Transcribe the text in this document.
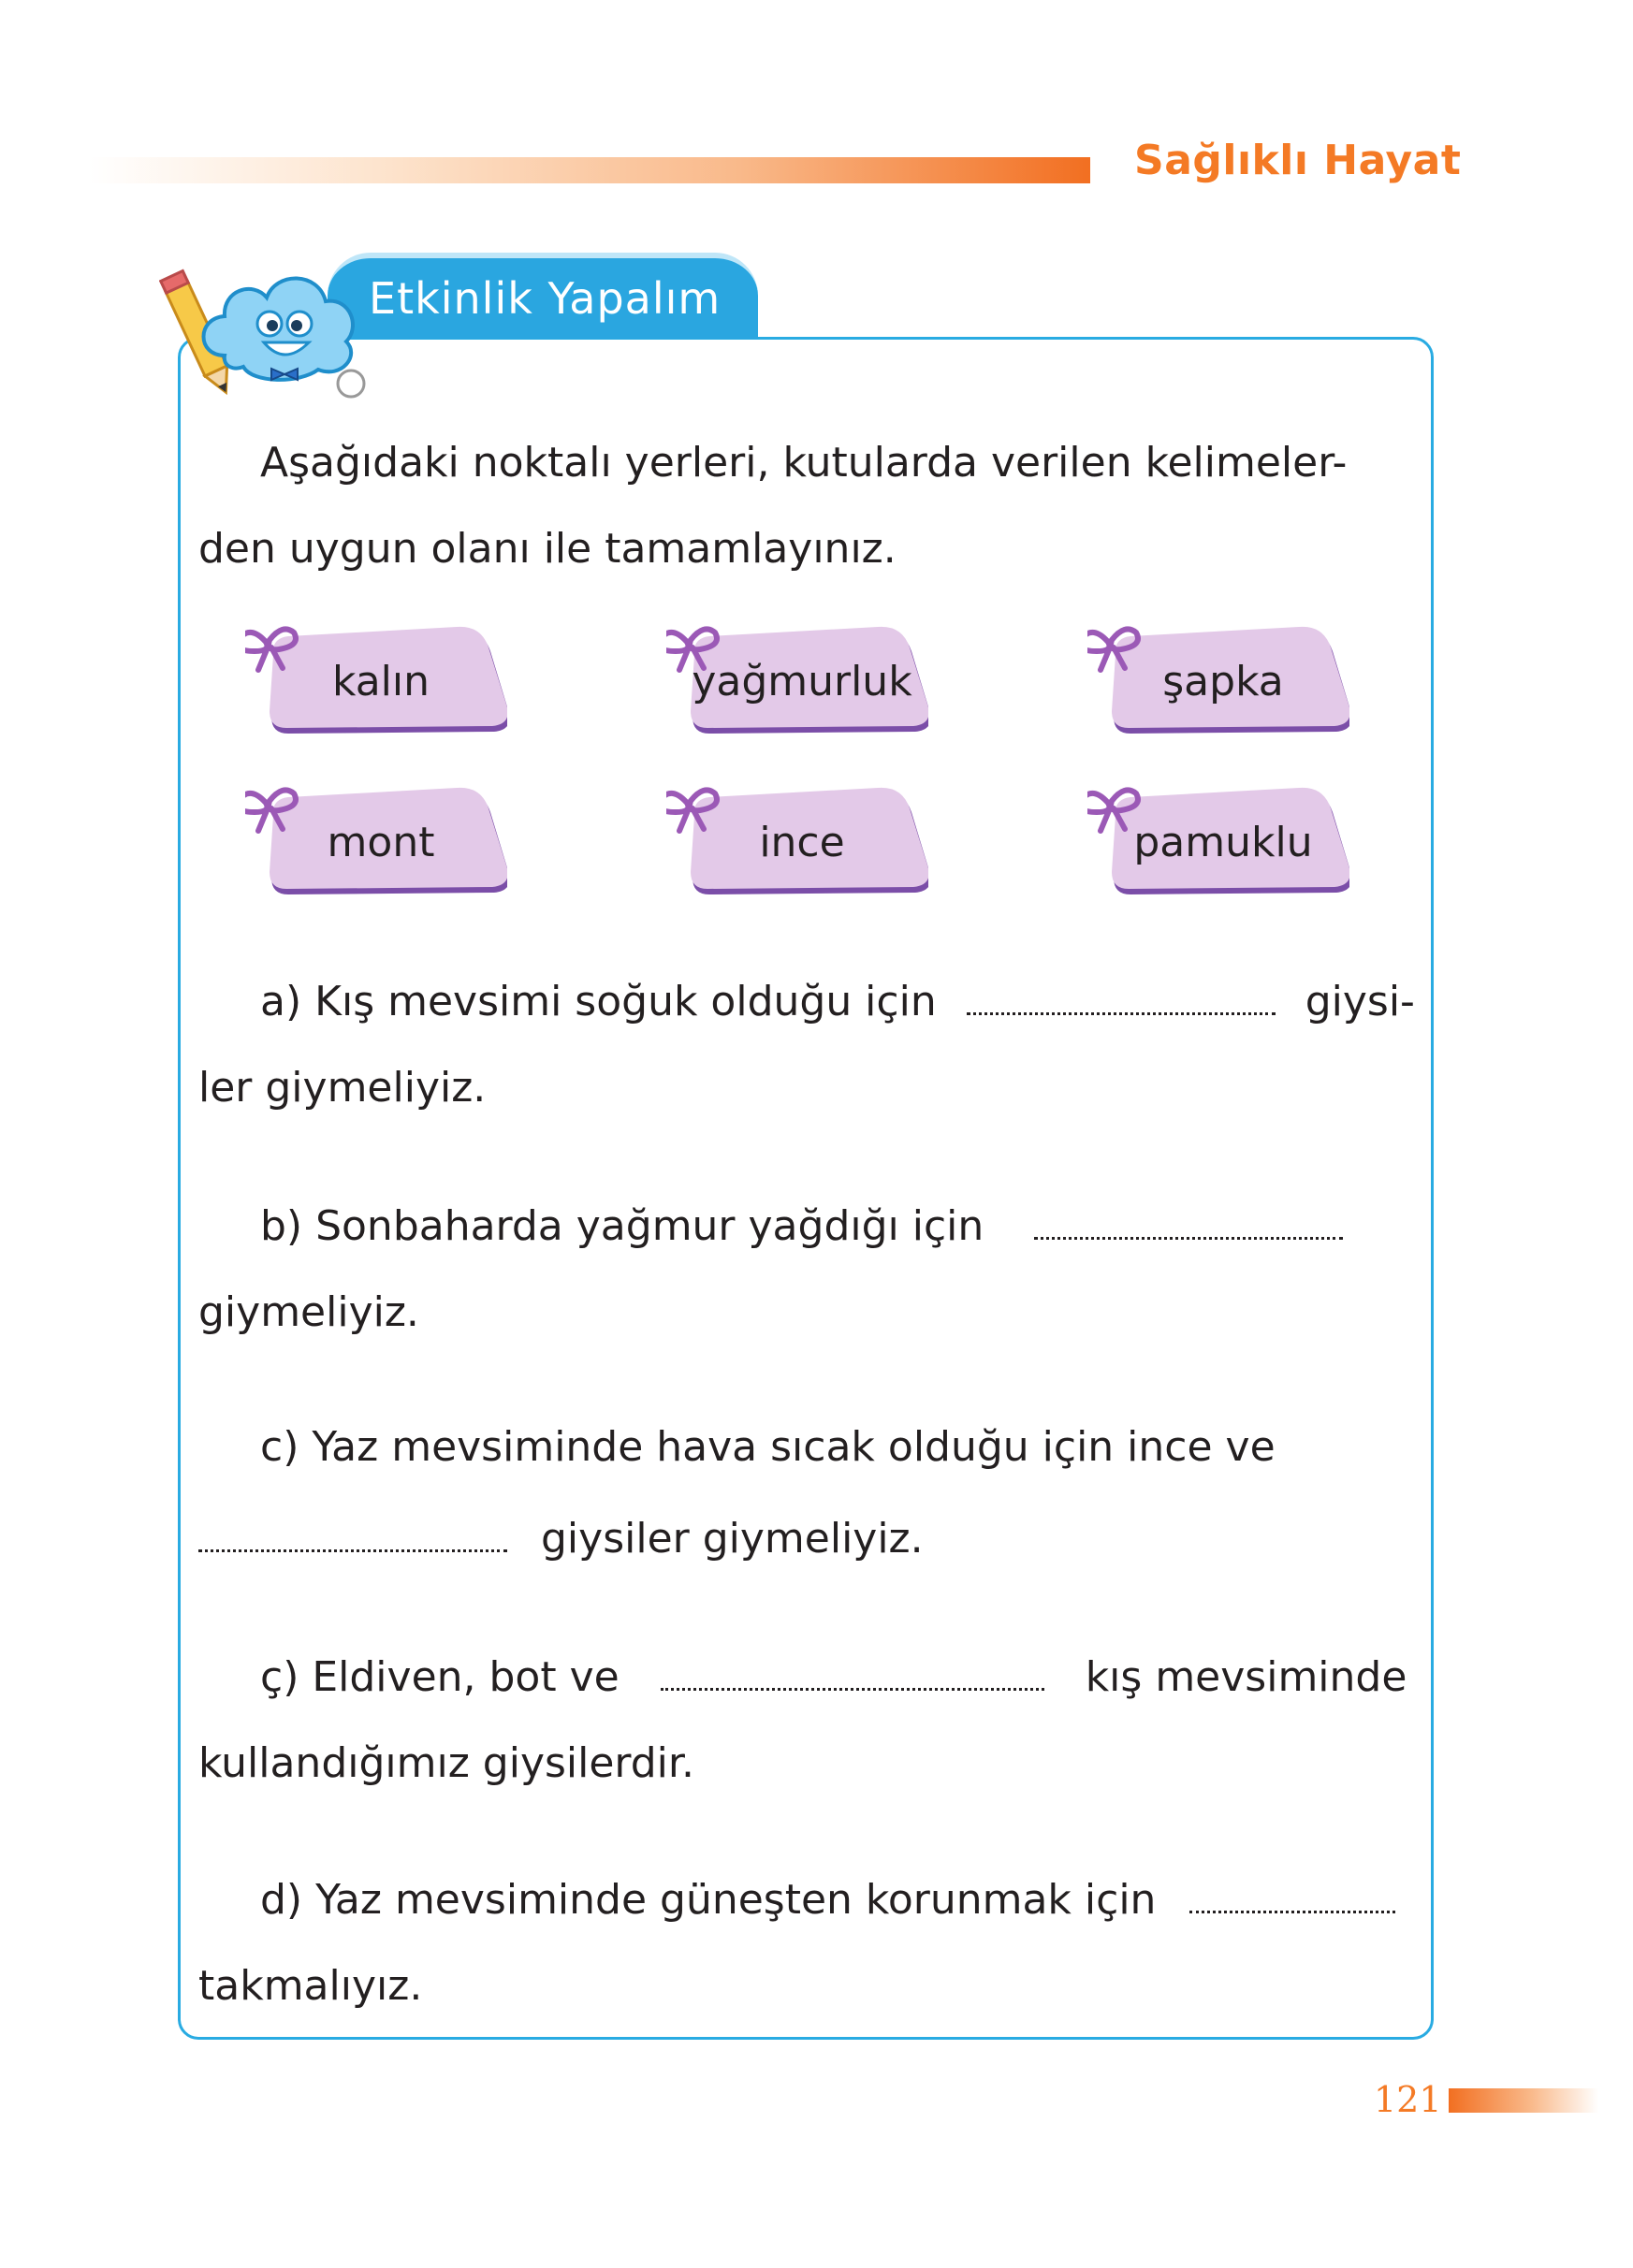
Sağlıklı Hayat
Etkinlik Yapalım
Aşağıdaki noktalı yerleri, kutularda verilen kelimeler-
den uygun olanı ile tamamlayınız.
kalın	yağmurluk	şapka
mont	ince	pamuklu
a) Kış mevsimi soğuk olduğu için	giysi-
ler giymeliyiz.
b) Sonbaharda yağmur yağdığı için
giymeliyiz.
c) Yaz mevsiminde hava sıcak olduğu için ince ve
giysiler giymeliyiz.
ç) Eldiven, bot ve	kış mevsiminde
kullandığımız giysilerdir.
d) Yaz mevsiminde güneşten korunmak için
takmalıyız.
121
